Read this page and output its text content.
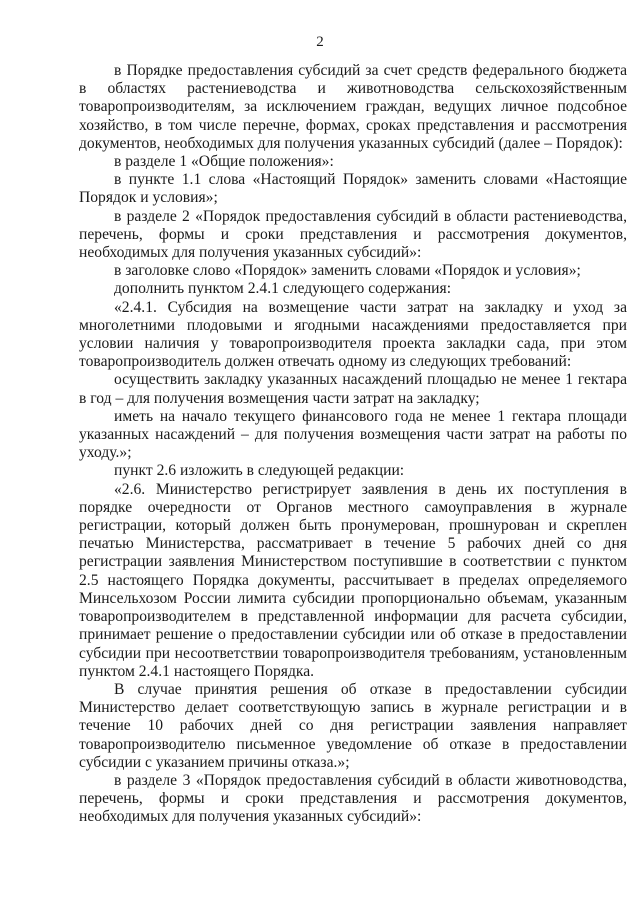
2

в Порядке предоставления субсидий за счет средств федерального бюджета в областях растениеводства и животноводства сельскохозяйственным товаропроизводителям, за исключением граждан, ведущих личное подсобное хозяйство, в том числе перечне, формах, сроках представления и рассмотрения документов, необходимых для получения указанных субсидий (далее – Порядок):

в разделе 1 «Общие положения»:

в пункте 1.1 слова «Настоящий Порядок» заменить словами «Настоящие Порядок и условия»;

в разделе 2 «Порядок предоставления субсидий в области растениеводства, перечень, формы и сроки представления и рассмотрения документов, необходимых для получения указанных субсидий»:

в заголовке слово «Порядок» заменить словами «Порядок и условия»;

дополнить пунктом 2.4.1 следующего содержания:

«2.4.1. Субсидия на возмещение части затрат на закладку и уход за многолетними плодовыми и ягодными насаждениями предоставляется при условии наличия у товаропроизводителя проекта закладки сада, при этом товаропроизводитель должен отвечать одному из следующих требований:

осуществить закладку указанных насаждений площадью не менее 1 гектара в год – для получения возмещения части затрат на закладку;

иметь на начало текущего финансового года не менее 1 гектара площади указанных насаждений – для получения возмещения части затрат на работы по уходу.»;

пункт 2.6 изложить в следующей редакции:

«2.6. Министерство регистрирует заявления в день их поступления в порядке очередности от Органов местного самоуправления в журнале регистрации, который должен быть пронумерован, прошнурован и скреплен печатью Министерства, рассматривает в течение 5 рабочих дней со дня регистрации заявления Министерством поступившие в соответствии с пунктом 2.5 настоящего Порядка документы, рассчитывает в пределах определяемого Минсельхозом России лимита субсидии пропорционально объемам, указанным товаропроизводителем в представленной информации для расчета субсидии, принимает решение о предоставлении субсидии или об отказе в предоставлении субсидии при несоответствии товаропроизводителя требованиям, установленным пунктом 2.4.1 настоящего Порядка.

В случае принятия решения об отказе в предоставлении субсидии Министерство делает соответствующую запись в журнале регистрации и в течение 10 рабочих дней со дня регистрации заявления направляет товаропроизводителю письменное уведомление об отказе в предоставлении субсидии с указанием причины отказа.»;

в разделе 3 «Порядок предоставления субсидий в области животноводства, перечень, формы и сроки представления и рассмотрения документов, необходимых для получения указанных субсидий»:
